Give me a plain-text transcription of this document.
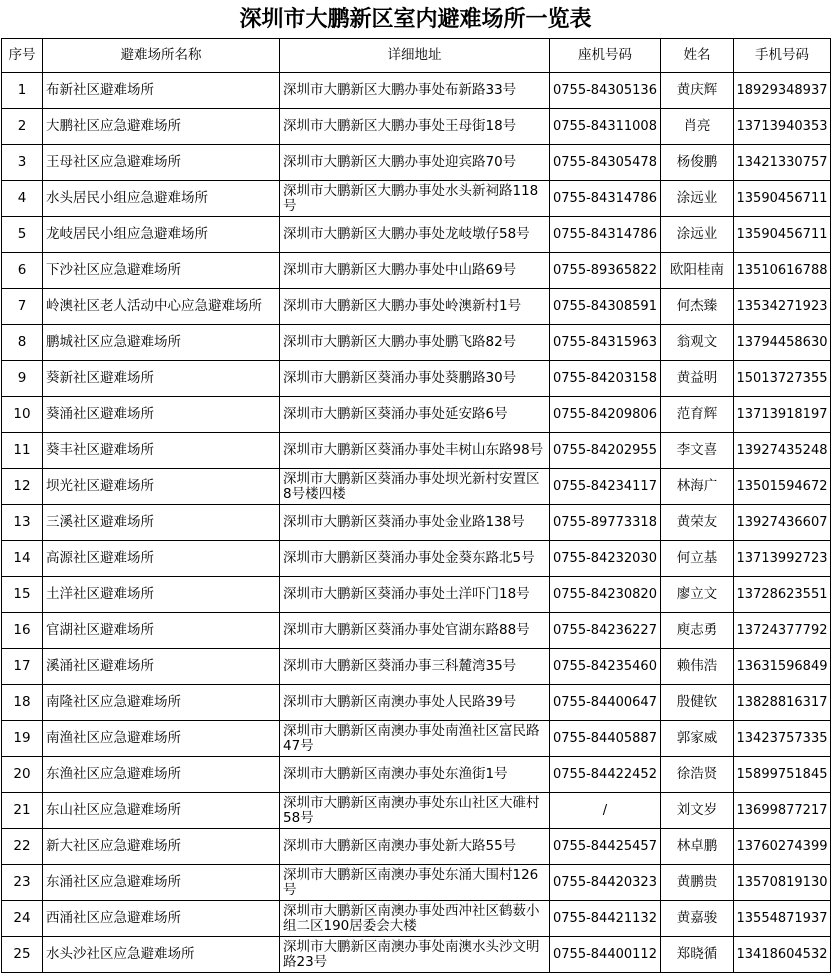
深圳市大鹏新区室内避难场所一览表
序号	避难场所名称	详细地址	座机号码	姓名	手机号码
1	布新社区避难场所	深圳市大鹏新区大鹏办事处布新路33号	0755-84305136	黄庆辉	18929348937
2	大鹏社区应急避难场所	深圳市大鹏新区大鹏办事处王母街18号	0755-84311008	肖亮	13713940353
3	王母社区应急避难场所	深圳市大鹏新区大鹏办事处迎宾路70号	0755-84305478	杨俊鹏	13421330757
4	水头居民小组应急避难场所	深圳市大鹏新区大鹏办事处水头新祠路118号	0755-84314786	涂远业	13590456711
5	龙岐居民小组应急避难场所	深圳市大鹏新区大鹏办事处龙岐墩仔58号	0755-84314786	涂远业	13590456711
6	下沙社区应急避难场所	深圳市大鹏新区大鹏办事处中山路69号	0755-89365822	欧阳桂南	13510616788
7	岭澳社区老人活动中心应急避难场所	深圳市大鹏新区大鹏办事处岭澳新村1号	0755-84308591	何杰臻	13534271923
8	鹏城社区应急避难场所	深圳市大鹏新区大鹏办事处鹏飞路82号	0755-84315963	翁观文	13794458630
9	葵新社区避难场所	深圳市大鹏新区葵涌办事处葵鹏路30号	0755-84203158	黄益明	15013727355
10	葵涌社区避难场所	深圳市大鹏新区葵涌办事处延安路6号	0755-84209806	范育辉	13713918197
11	葵丰社区避难场所	深圳市大鹏新区葵涌办事处丰树山东路98号	0755-84202955	李文喜	13927435248
12	坝光社区避难场所	深圳市大鹏新区葵涌办事处坝光新村安置区8号楼四楼	0755-84234117	林海广	13501594672
13	三溪社区避难场所	深圳市大鹏新区葵涌办事处金业路138号	0755-89773318	黄荣友	13927436607
14	高源社区避难场所	深圳市大鹏新区葵涌办事处金葵东路北5号	0755-84232030	何立基	13713992723
15	土洋社区避难场所	深圳市大鹏新区葵涌办事处土洋吓门18号	0755-84230820	廖立文	13728623551
16	官湖社区避难场所	深圳市大鹏新区葵涌办事处官湖东路88号	0755-84236227	庾志勇	13724377792
17	溪涌社区避难场所	深圳市大鹏新区葵涌办事三科麓湾35号	0755-84235460	赖伟浩	13631596849
18	南隆社区应急避难场所	深圳市大鹏新区南澳办事处人民路39号	0755-84400647	殷健钦	13828816317
19	南渔社区应急避难场所	深圳市大鹏新区南澳办事处南渔社区富民路47号	0755-84405887	郭家威	13423757335
20	东渔社区应急避难场所	深圳市大鹏新区南澳办事处东渔街1号	0755-84422452	徐浩贤	15899751845
21	东山社区应急避难场所	深圳市大鹏新区南澳办事处东山社区大碓村58号	/	刘文岁	13699877217
22	新大社区应急避难场所	深圳市大鹏新区南澳办事处新大路55号	0755-84425457	林卓鹏	13760274399
23	东涌社区应急避难场所	深圳市大鹏新区南澳办事处东涌大围村126号	0755-84420323	黄鹏贵	13570819130
24	西涌社区应急避难场所	深圳市大鹏新区南澳办事处西冲社区鹤薮小组二区190居委会大楼	0755-84421132	黄嘉骏	13554871937
25	水头沙社区应急避难场所	深圳市大鹏新区南澳办事处南澳水头沙文明路23号	0755-84400112	郑晓循	13418604532
